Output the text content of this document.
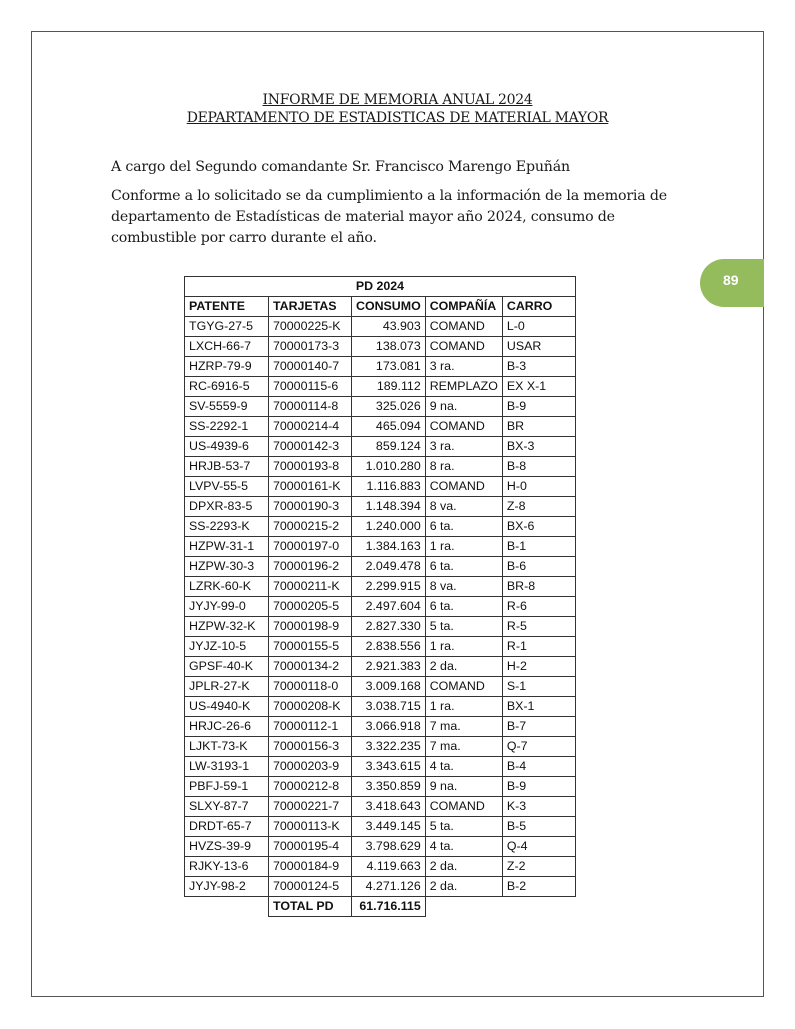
INFORME DE MEMORIA ANUAL 2024
DEPARTAMENTO DE ESTADISTICAS DE MATERIAL MAYOR
A cargo del Segundo comandante Sr. Francisco Marengo Epuñán
Conforme a lo solicitado se da cumplimiento a la información de la memoria de departamento de Estadísticas de material mayor año 2024, consumo de combustible por carro durante el año.
89
PD 2024				
PATENTE	TARJETAS	CONSUMO	COMPAÑÍA	CARRO
TGYG-27-5	70000225-K	43.903	COMAND	L-0
LXCH-66-7	70000173-3	138.073	COMAND	USAR
HZRP-79-9	70000140-7	173.081	3 ra.	B-3
RC-6916-5	70000115-6	189.112	REMPLAZO	EX X-1
SV-5559-9	70000114-8	325.026	9 na.	B-9
SS-2292-1	70000214-4	465.094	COMAND	BR
US-4939-6	70000142-3	859.124	3 ra.	BX-3
HRJB-53-7	70000193-8	1.010.280	8 ra.	B-8
LVPV-55-5	70000161-K	1.116.883	COMAND	H-0
DPXR-83-5	70000190-3	1.148.394	8 va.	Z-8
SS-2293-K	70000215-2	1.240.000	6 ta.	BX-6
HZPW-31-1	70000197-0	1.384.163	1 ra.	B-1
HZPW-30-3	70000196-2	2.049.478	6 ta.	B-6
LZRK-60-K	70000211-K	2.299.915	8 va.	BR-8
JYJY-99-0	70000205-5	2.497.604	6 ta.	R-6
HZPW-32-K	70000198-9	2.827.330	5 ta.	R-5
JYJZ-10-5	70000155-5	2.838.556	1 ra.	R-1
GPSF-40-K	70000134-2	2.921.383	2 da.	H-2
JPLR-27-K	70000118-0	3.009.168	COMAND	S-1
US-4940-K	70000208-K	3.038.715	1 ra.	BX-1
HRJC-26-6	70000112-1	3.066.918	7 ma.	B-7
LJKT-73-K	70000156-3	3.322.235	7 ma.	Q-7
LW-3193-1	70000203-9	3.343.615	4 ta.	B-4
PBFJ-59-1	70000212-8	3.350.859	9 na.	B-9
SLXY-87-7	70000221-7	3.418.643	COMAND	K-3
DRDT-65-7	70000113-K	3.449.145	5 ta.	B-5
HVZS-39-9	70000195-4	3.798.629	4 ta.	Q-4
RJKY-13-6	70000184-9	4.119.663	2 da.	Z-2
JYJY-98-2	70000124-5	4.271.126	2 da.	B-2
	TOTAL PD	61.716.115		
